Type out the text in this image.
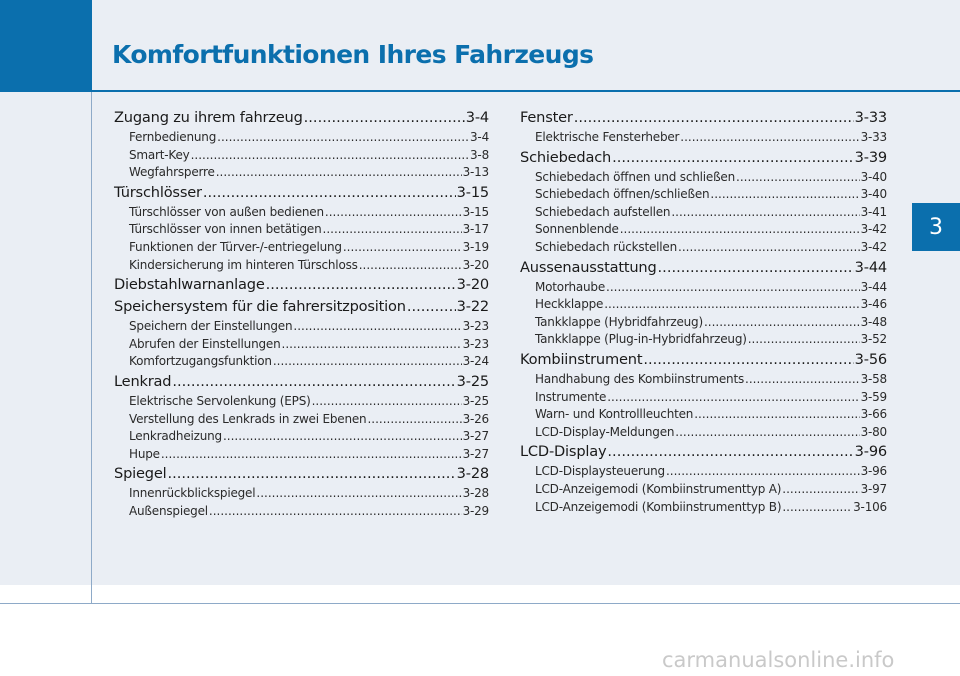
Komfortfunktionen Ihres Fahrzeugs
3
Zugang zu ihrem fahrzeug .....	3-4
Fernbedienung .....	3-4
Smart-Key .....	3-8
Wegfahrsperre .....	3-13
Türschlösser .....	3-15
Türschlösser von außen bedienen .....	3-15
Türschlösser von innen betätigen .....	3-17
Funktionen der Türver-/-entriegelung .....	3-19
Kindersicherung im hinteren Türschloss .....	3-20
Diebstahlwarnanlage .....	3-20
Speichersystem für die fahrersitzposition .....	3-22
Speichern der Einstellungen .....	3-23
Abrufen der Einstellungen .....	3-23
Komfortzugangsfunktion .....	3-24
Lenkrad .....	3-25
Elektrische Servolenkung (EPS) .....	3-25
Verstellung des Lenkrads in zwei Ebenen .....	3-26
Lenkradheizung .....	3-27
Hupe .....	3-27
Spiegel .....	3-28
Innenrückblickspiegel .....	3-28
Außenspiegel .....	3-29
Fenster .....	3-33
Elektrische Fensterheber .....	3-33
Schiebedach .....	3-39
Schiebedach öffnen und schließen .....	3-40
Schiebedach öffnen/schließen .....	3-40
Schiebedach aufstellen .....	3-41
Sonnenblende .....	3-42
Schiebedach rückstellen .....	3-42
Aussenausstattung .....	3-44
Motorhaube .....	3-44
Heckklappe .....	3-46
Tankklappe (Hybridfahrzeug) .....	3-48
Tankklappe (Plug-in-Hybridfahrzeug) .....	3-52
Kombiinstrument .....	3-56
Handhabung des Kombiinstruments .....	3-58
Instrumente .....	3-59
Warn- und Kontrollleuchten .....	3-66
LCD-Display-Meldungen .....	3-80
LCD-Display .....	3-96
LCD-Displaysteuerung .....	3-96
LCD-Anzeigemodi (Kombiinstrumenttyp A) .....	3-97
LCD-Anzeigemodi (Kombiinstrumenttyp B) .....	3-106
carmanualsonline.info
